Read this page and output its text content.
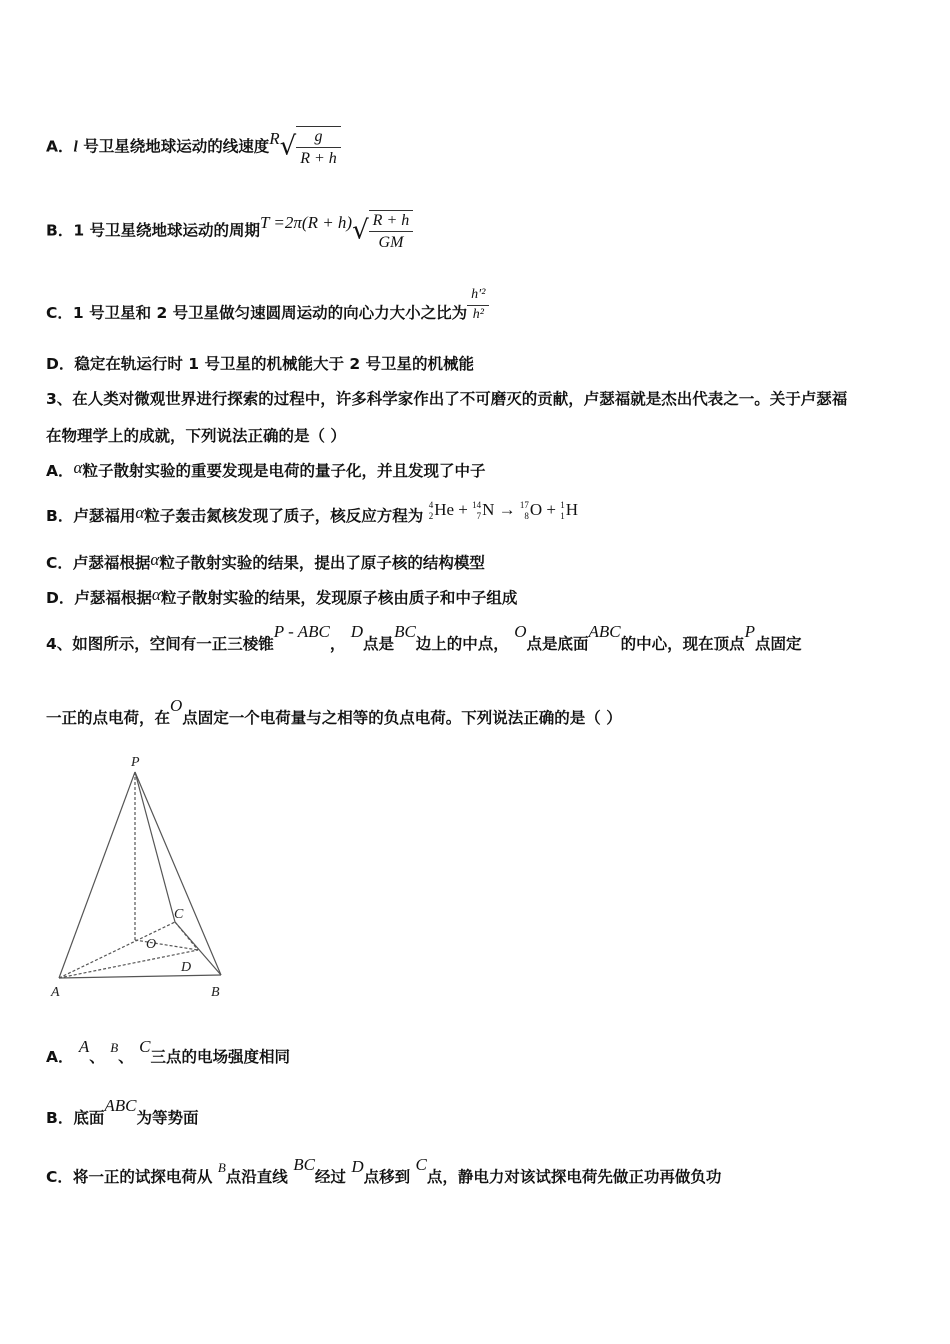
A．l 号卫星绕地球运动的线速度$R√ \frac{g}{R + h}$
B．1 号卫星绕地球运动的周期$T =2\pi(R + h)√ \frac{R + h}{GM}$
C．1 号卫星和 2 号卫星做匀速圆周运动的向心力大小之比为 $\frac{\text{h′²}}{\text{h²}}$
D．稳定在轨运行时 1 号卫星的机械能大于 2 号卫星的机械能
3、在人类对微观世界进行探索的过程中，许多科学家作出了不可磨灭的贡献，卢瑟福就是杰出代表之一。关于卢瑟福
在物理学上的成就，下列说法正确的是（ ）
A．α粒子散射实验的重要发现是电荷的量子化，并且发现了中子
B．卢瑟福用α粒子轰击氮核发现了质子，核反应方程为
4
2 He + 14
7 N → 17
8 O + 1
1 H
C．卢瑟福根据α粒子散射实验的结果，提出了原子核的结构模型
D．卢瑟福根据α粒子散射实验的结果，发现原子核由质子和中子组成
4、如图所示，空间有一正三棱锥P - ABC， D点是BC边上的中点， O点是底面ABC的中心，现在顶点P点固定
一正的点电荷，在O点固定一个电荷量与之相等的负点电荷。下列说法正确的是（ ）
P
C
O
D
A	B
A． A、 $^B$、 C三点的电场强度相同
B．底面ABC为等势面
C．将一正的试探电荷从 $^B$点沿直线 BC经过 D点移到 C点，静电力对该试探电荷先做正功再做负功
